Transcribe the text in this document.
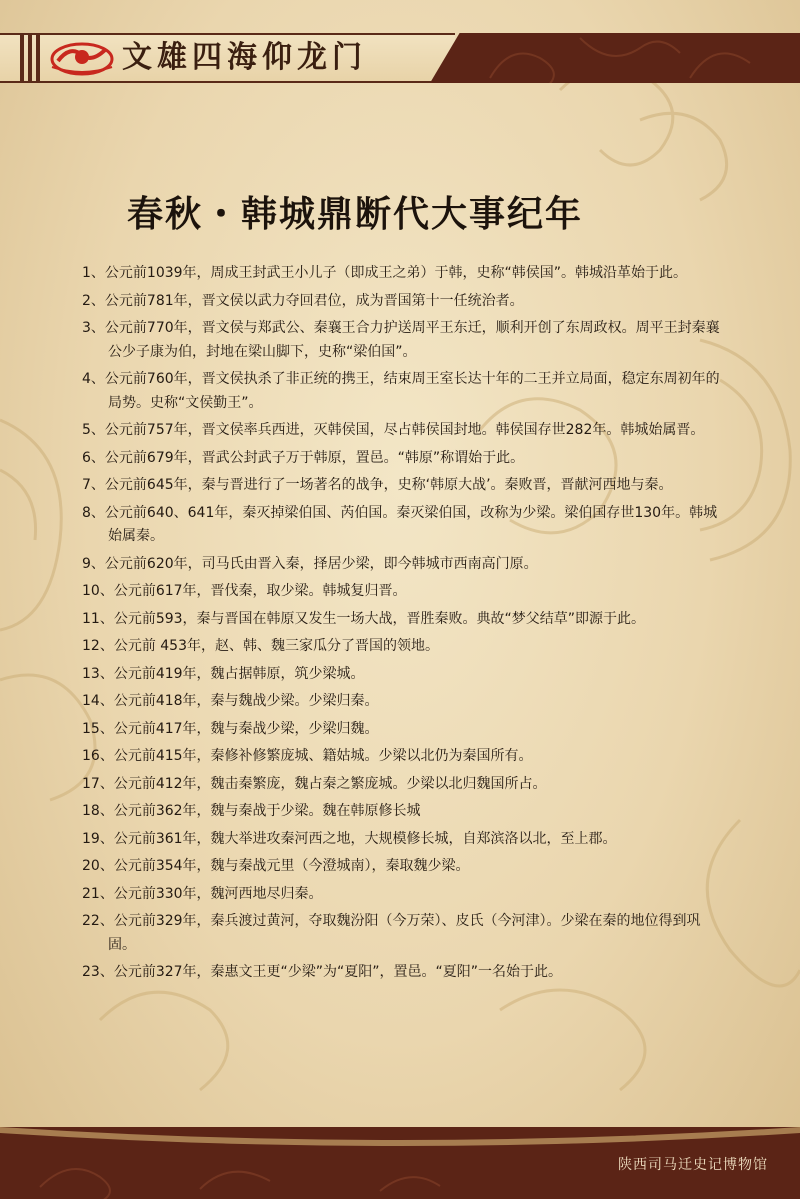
文雄四海仰龙门
春秋・韩城鼎断代大事纪年
1、公元前1039年，周成王封武王小儿子（即成王之弟）于韩，史称“韩侯国”。韩城沿革始于此。
2、公元前781年，晋文侯以武力夺回君位，成为晋国第十一任统治者。
3、公元前770年，晋文侯与郑武公、秦襄王合力护送周平王东迁，顺利开创了东周政权。周平王封秦襄公少子康为伯，封地在梁山脚下，史称“梁伯国”。
4、公元前760年，晋文侯执杀了非正统的携王，结束周王室长达十年的二王并立局面，稳定东周初年的局势。史称“文侯勤王”。
5、公元前757年，晋文侯率兵西进，灭韩侯国，尽占韩侯国封地。韩侯国存世282年。韩城始属晋。
6、公元前679年，晋武公封武子万于韩原，置邑。“韩原”称谓始于此。
7、公元前645年，秦与晋进行了一场著名的战争，史称‘韩原大战’。秦败晋，晋献河西地与秦。
8、公元前640、641年，秦灭掉梁伯国、芮伯国。秦灭梁伯国，改称为少梁。梁伯国存世130年。韩城始属秦。
9、公元前620年，司马氏由晋入秦，择居少梁，即今韩城市西南高门原。
10、公元前617年，晋伐秦，取少梁。韩城复归晋。
11、公元前593，秦与晋国在韩原又发生一场大战，晋胜秦败。典故“梦父结草”即源于此。
12、公元前 453年，赵、韩、魏三家瓜分了晋国的领地。
13、公元前419年，魏占据韩原，筑少梁城。
14、公元前418年，秦与魏战少梁。少梁归秦。
15、公元前417年，魏与秦战少梁，少梁归魏。
16、公元前415年，秦修补修繁庞城、籍姑城。少梁以北仍为秦国所有。
17、公元前412年，魏击秦繁庞，魏占秦之繁庞城。少梁以北归魏国所占。
18、公元前362年，魏与秦战于少梁。魏在韩原修长城
19、公元前361年，魏大举进攻秦河西之地，大规模修长城，自郑滨洛以北，至上郡。
20、公元前354年，魏与秦战元里（今澄城南），秦取魏少梁。
21、公元前330年，魏河西地尽归秦。
22、公元前329年，秦兵渡过黄河，夺取魏汾阳（今万荣）、皮氏（今河津）。少梁在秦的地位得到巩固。
23、公元前327年，秦惠文王更“少梁”为“夏阳”，置邑。“夏阳”一名始于此。
陕西司马迁史记博物馆
